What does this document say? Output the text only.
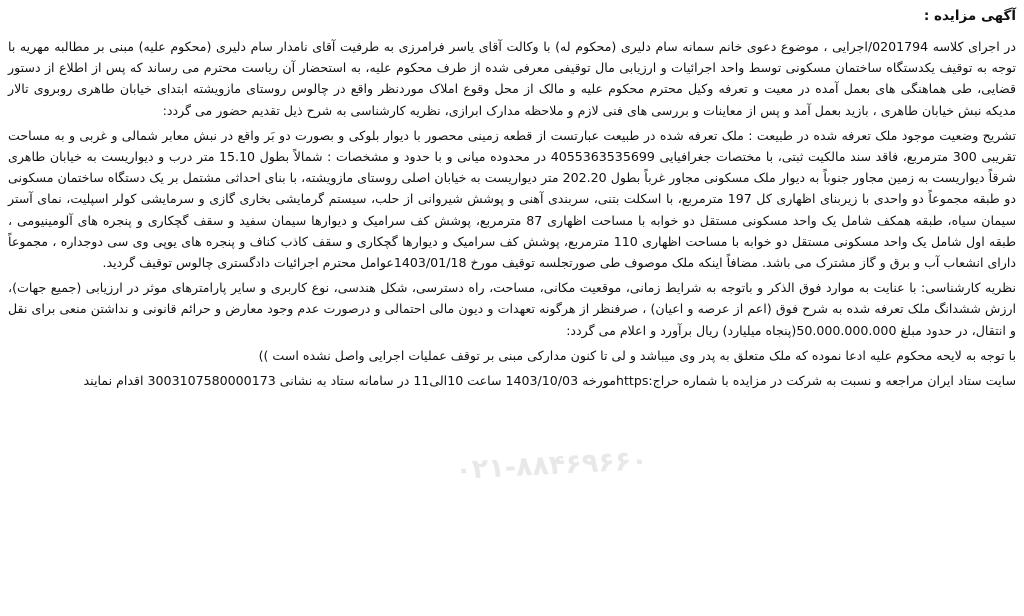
آگهی مزایده :

در اجرای کلاسه 0201794/اجرایی ، موضوع دعوی خانم سمانه سام دلیری (محکوم له) با وکالت آقای یاسر فرامرزی به طرفیت آقای نامدار سام دلیری (محکوم علیه) مبنی بر مطالبه مهریه با توجه به توقیف یکدستگاه ساختمان مسکونی توسط واحد اجرائیات و ارزیابی مال توقیفی معرفی شده از طرف محکوم علیه، به استحضار آن ریاست محترم می رساند که پس از اطلاع از دستور قضایی، طی هماهنگی های بعمل آمده در معیت و تعرفه وکیل محترم محکوم علیه و مالک از محل وقوع املاک موردنظر واقع در چالوس روستای مازویشته ابتدای خیابان طاهری روبروی تالار مدیکه نبش خیابان طاهری ، بازید بعمل آمد و پس از معاینات و بررسی های فنی لازم و ملاحظه مدارک ابرازی، نظریه کارشناسی به شرح ذیل تقدیم حضور می گردد:

تشریح وضعیت موجود ملک تعرفه شده در طبیعت : ملک تعرفه شده در طبیعت عبارتست از قطعه زمینی محصور با دیوار بلوکی و بصورت دو بَر واقع در نبش معابر شمالی و غربی و به مساحت تقریبی 300 مترمربع، فاقد سند مالکیت ثبتی، با مختصات جغرافیایی 4055363535699 در محدوده میانی و با حدود و مشخصات : شمالاً بطول 15.10 متر درب و دیواریست به خیابان طاهری شرقاً دیواریست به زمین مجاور جنوباً به دیوار ملک مسکونی مجاور غرباً بطول 202.20 متر دیواریست به خیابان اصلی روستای مازویشته، با بنای احداثی مشتمل بر یک دستگاه ساختمان مسکونی دو طبقه مجموعاً دو واحدی با زیربنای اظهاری کل 197 مترمربع، با اسکلت بتنی، سربندی آهنی و پوشش شیروانی از حلب، سیستم گرمایشی بخاری گازی و سرمایشی کولر اسپلیت، نمای آستر سیمان سیاه، طبقه همکف شامل یک واحد مسکونی مستقل دو خوابه با مساحت اظهاری 87 مترمربع، پوشش کف سرامیک و دیوارها سیمان سفید و سقف گچکاری و پنجره های آلومینیومی ، طبقه اول شامل یک واحد مسکونی مستقل دو خوابه با مساحت اظهاری 110 مترمربع، پوشش کف سرامیک و دیوارها گچکاری و سقف کاذب کناف و پنجره های یوپی وی سی دوجداره ، مجموعاً دارای انشعاب آب و برق و گاز مشترک می باشد. مضافاً اینکه ملک موصوف طی صورتجلسه توقیف مورخ 1403/01/18عوامل محترم اجرائیات دادگستری چالوس توقیف گردید.

نظریه کارشناسی: با عنایت به موارد فوق الذکر و باتوجه به شرایط زمانی، موقعیت مکانی، مساحت، راه دسترسی، شکل هندسی، نوع کاربری و سایر پارامترهای موثر در ارزیابی (جمیع جهات)، ارزش ششدانگ ملک تعرفه شده به شرح فوق (اعم از عرصه و اعیان) ، صرفنظر از هرگونه تعهدات و دیون مالی احتمالی و درصورت عدم وجود معارض و حرائم قانونی و نداشتن منعی برای نقل و انتقال، در حدود مبلغ 50.000.000.000(پنجاه میلیارد) ریال برآورد و اعلام می گردد:

با توجه به لایحه محکوم علیه ادعا نموده که ملک متعلق به پدر وی میباشد و لی تا کنون مدارکی مبنی بر توقف عملیات اجرایی واصل نشده است ))

سایت ستاد ایران مراجعه و نسبت به شرکت در مزایده با شماره حراج:httpsمورخه 1403/10/03 ساعت 10الی11 در سامانه ستاد به نشانی 3003107580000173 اقدام نمایند

۰۲۱-۸۸۴۶۹۶۶۰
